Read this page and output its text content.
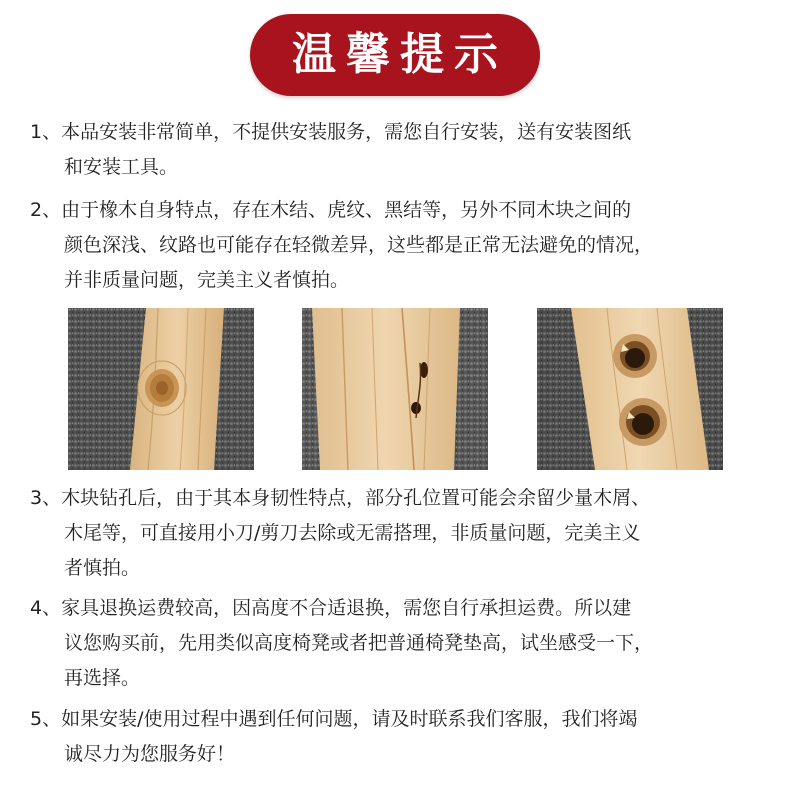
温馨提示
1、本品安装非常简单，不提供安装服务，需您自行安装，送有安装图纸
和安装工具。
2、由于橡木自身特点，存在木结、虎纹、黑结等，另外不同木块之间的
颜色深浅、纹路也可能存在轻微差异，这些都是正常无法避免的情况，
并非质量问题，完美主义者慎拍。
3、木块钻孔后，由于其本身韧性特点，部分孔位置可能会余留少量木屑、
木尾等，可直接用小刀/剪刀去除或无需搭理，非质量问题，完美主义
者慎拍。
4、家具退换运费较高，因高度不合适退换，需您自行承担运费。所以建
议您购买前，先用类似高度椅凳或者把普通椅凳垫高，试坐感受一下，
再选择。
5、如果安装/使用过程中遇到任何问题，请及时联系我们客服，我们将竭
诚尽力为您服务好！
